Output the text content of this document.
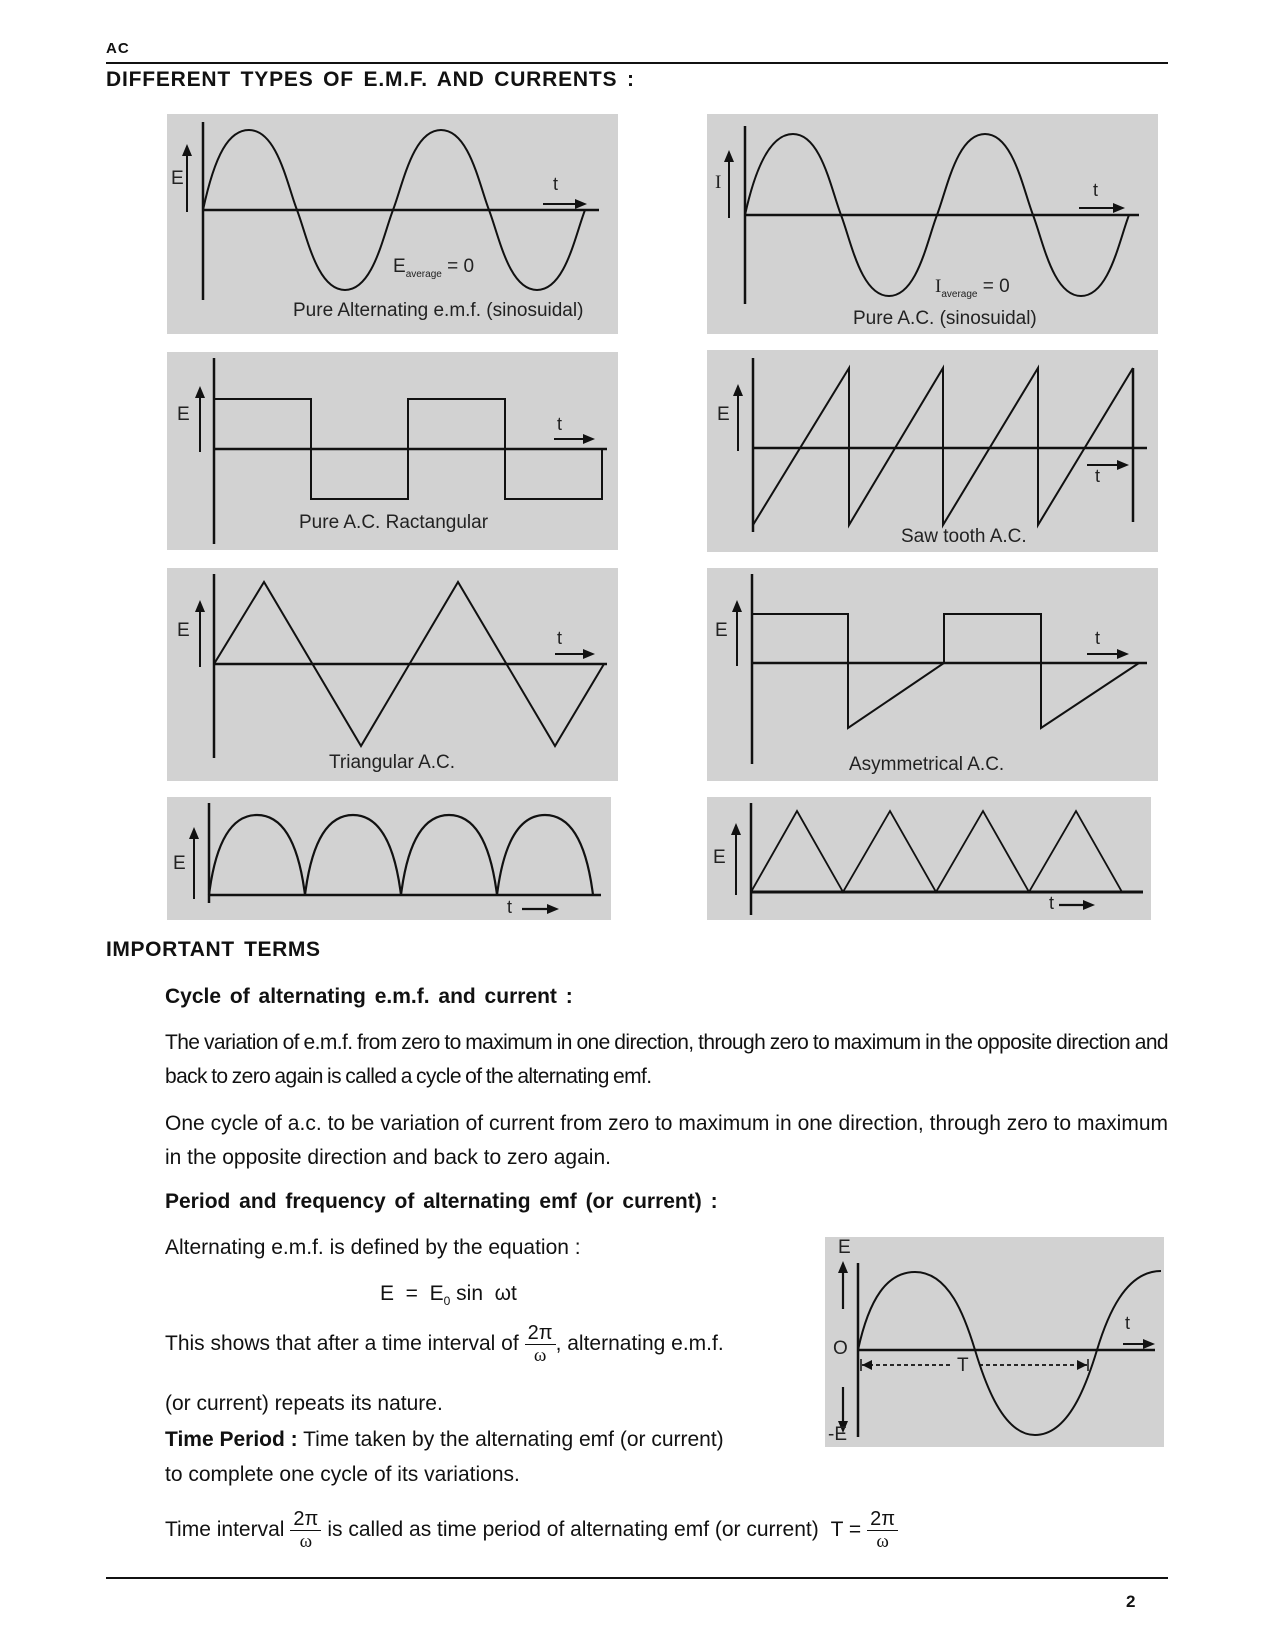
AC
DIFFERENT TYPES OF E.M.F. AND CURRENTS :
E	t
$E_{average} = 0$
Pure Alternating e.m.f. (sinosuidal)
I	t
$I_{average} = 0$
Pure A.C. (sinosuidal)
E	t
Pure A.C. Ractangular
E
t
Saw tooth A.C.
E	t
Triangular A.C.
E	t
Asymmetrical A.C.
E
t
E
t
IMPORTANT TERMS
Cycle of alternating e.m.f. and current :
The variation of e.m.f. from zero to maximum in one direction, through zero to maximum in the opposite direction and back to zero again is called a cycle of the alternating emf.
One cycle of a.c. to be variation of current from zero to maximum in one direction, through zero to maximum in the opposite direction and back to zero again.
Period and frequency of alternating emf (or current) :
Alternating e.m.f. is defined by the equation :
$E = E_0$ sin  ωt
This shows that after a time interval of $\frac{2\pi}{\omega}$ , alternating e.m.f.
(or current) repeats its nature.
Time Period : Time taken by the alternating emf (or current)
to complete one cycle of its variations.
Time interval $\frac{2\pi}{\omega}$ is called as time period of alternating emf (or current) $T = \frac{2\pi}{\omega}$
E
O
-E
t
T
2
